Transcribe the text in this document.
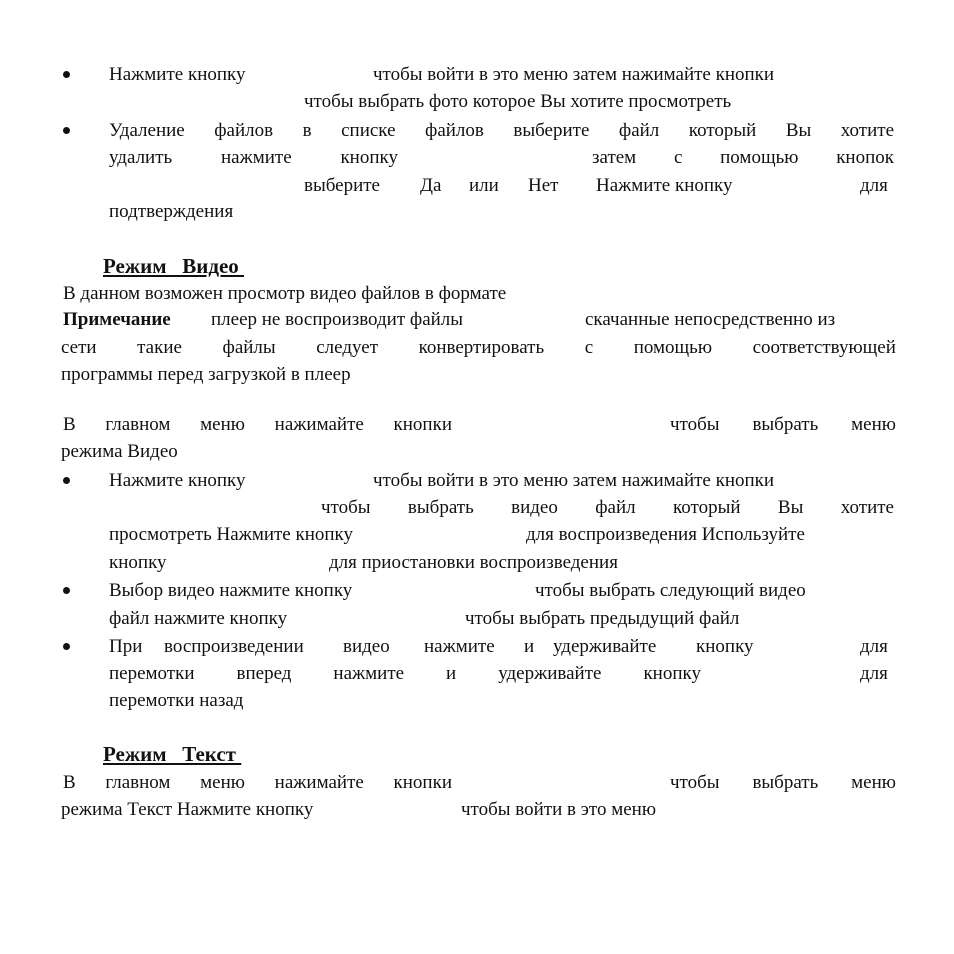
Нажмите кнопку	чтобы войти в это меню затем нажимайте кнопки
чтобы выбрать фото которое Вы хотите просмотреть
Удаление файлов в списке файлов выберите файл который Вы хотите
удалить	нажмите	кнопку	затем с помощью кнопок
выберите Да или Нет Нажмите кнопку	для
подтверждения
Режим   Видео
В данном возможен просмотр видео файлов в формате
Примечание плеер не воспроизводит файлы	скачанные непосредственно из
сети такие файлы следует конвертировать с помощью соответствующей
программы перед загрузкой в плеер
В главном меню нажимайте кнопки	чтобы выбрать меню
режима Видео
Нажмите кнопку	чтобы войти в это меню затем нажимайте кнопки
чтобы выбрать видео файл который Вы хотите
просмотреть Нажмите кнопку	для воспроизведения Используйте
кнопку	для приостановки воспроизведения
Выбор видео нажмите кнопку	чтобы выбрать следующий видео
файл нажмите кнопку	чтобы выбрать предыдущий файл
При воспроизведении видео нажмите и удерживайте кнопку	для
перемотки вперед нажмите и удерживайте кнопку	для
перемотки назад
Режим   Текст
В главном меню нажимайте кнопки	чтобы выбрать меню
режима Текст Нажмите кнопку	чтобы войти в это меню
